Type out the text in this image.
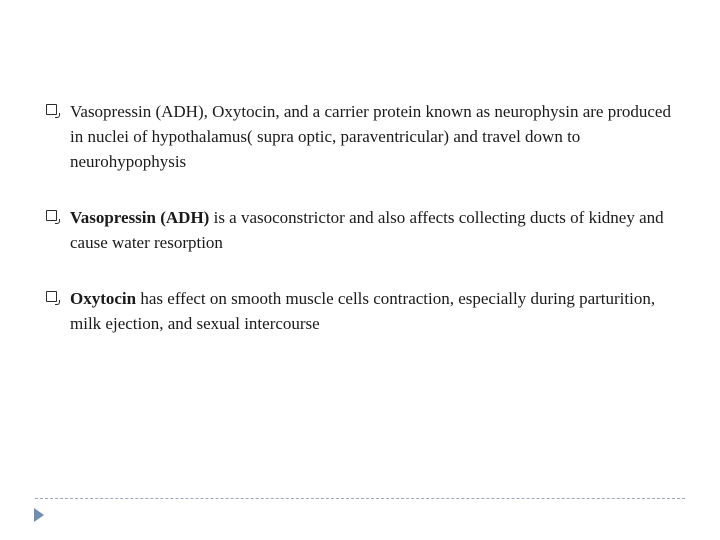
Vasopressin (ADH), Oxytocin, and a carrier protein known as neurophysin are produced in nuclei of hypothalamus( supra optic, paraventricular) and travel down to neurohypophysis
Vasopressin (ADH) is a vasoconstrictor and also affects collecting ducts of kidney and cause water resorption
Oxytocin has effect on smooth muscle cells contraction, especially during parturition, milk ejection, and sexual intercourse
